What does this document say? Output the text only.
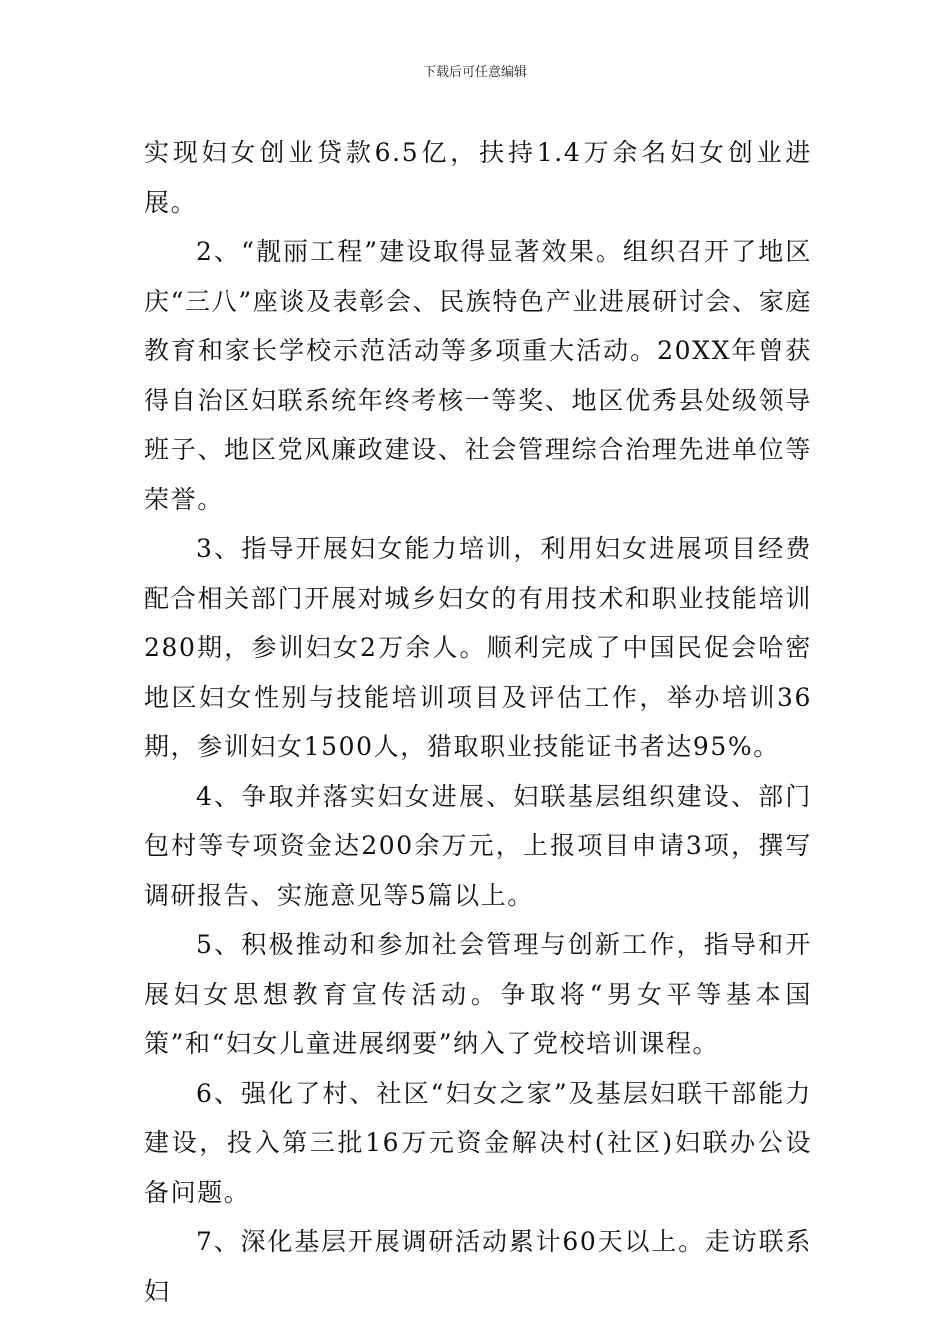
下载后可任意编辑

实现妇女创业贷款6.5亿，扶持1.4万余名妇女创业进展。

2、“靓丽工程”建设取得显著效果。组织召开了地区庆“三八”座谈及表彰会、民族特色产业进展研讨会、家庭教育和家长学校示范活动等多项重大活动。20XX年曾获得自治区妇联系统年终考核一等奖、地区优秀县处级领导班子、地区党风廉政建设、社会管理综合治理先进单位等荣誉。

3、指导开展妇女能力培训，利用妇女进展项目经费配合相关部门开展对城乡妇女的有用技术和职业技能培训280期，参训妇女2万余人。顺利完成了中国民促会哈密地区妇女性别与技能培训项目及评估工作，举办培训36期，参训妇女1500人，猎取职业技能证书者达95%。

4、争取并落实妇女进展、妇联基层组织建设、部门包村等专项资金达200余万元，上报项目申请3项，撰写调研报告、实施意见等5篇以上。

5、积极推动和参加社会管理与创新工作，指导和开展妇女思想教育宣传活动。争取将“男女平等基本国策”和“妇女儿童进展纲要”纳入了党校培训课程。

6、强化了村、社区“妇女之家”及基层妇联干部能力建设，投入第三批16万元资金解决村(社区)妇联办公设备问题。

7、深化基层开展调研活动累计60天以上。走访联系妇
